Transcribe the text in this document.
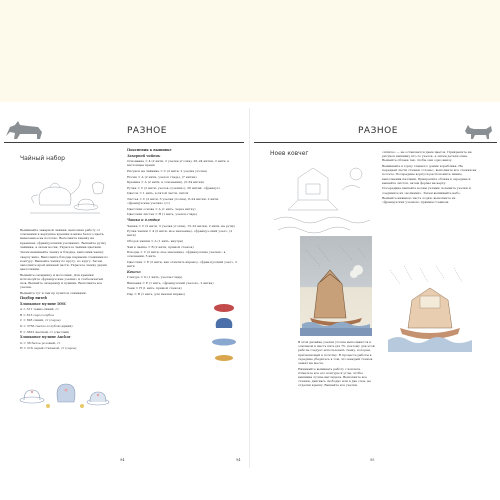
РАЗНОЕ	РАЗНОЕ
Чайный набор

Вышивайте заварной чайник, выполняя работу от основания к верхушке крышки и ниже белого цвета, нанесенное на полотно. Выполните каемку на краешках «французскими узелками». Вышейте ручку чайника, а затем носик. Украсьте чайник цветами.

Затем вышивайте чашку и блюдце, выполнив чашку сверху вниз. Выполните блюдце парными стежками по контуру. Вышейте чашку по кругу, по кругу. Затем заполните крой нижней части. Украсьте чашку двумя цветочками.

Вышейте сахарницу и молочник. Для крышки используйте «французские узелки» и стебельчатый шов. Вышейте сахарницу и кувшин. Выполните все узелки.

Вышейте тут и там пр пунктов спинками.

Подбор нитей

Хлопковое мулине DMC

A = 311 темно-синий, ст

B = 813 серо-голубое

C = 828 синий, ст (серое)

D = 3756 светло-голубой (яркий)

E = 3823 желтый, ст (светлый)

Хлопковое мулине Anchor

G = 36 белое розовый, ст

H = 216 серый стальной, ст (серое)

94

Пояснения к вышивке

Заварной чайник

Основание = 4 (2 нити, 2 узелка уголка), 26–24 нитки, 2 нити, в настоящее время

Рисунок на чайнике = С (2 нити, 2 узелка уголка)

Носик = А (2 нити, узелок гладь), (7 нитки)

Крышка = А (2 нити, в основании), (3–34 нитки)

Ручка = С (2 нити, узелок-«узелки»), 26 нитей; «француз»

Цветок = 1 нить, в пятой части, пятой

Листья = С (2 нити, 3 узелка уголка), 8–24 нитки, 2 нити, «французские узелки» (ст)

Цветочки основа = А (1 нить, через нитку)

Цветочки листья = Н (1 нить, узелок-гладь)

Чашка и блюдце

Чашка = С (2 нити, 3 узелка уголка), 15–22 нитки, 2 нити, на ручку

Ручка чашки = 4 (2 нити, мое значение), «француз-ский узел», (2 нити)

Ободок чашки = A (1 нить, внутри)

Чай в чашке = В (2 нити, прямой стежок)

Блюдце = С (2 нити, мое значение), «французские узелки», в основании, 5 нить

Цветочки = Е (2 нити, как отметить вправо), «фран-цузский узел», 2 нити

Кексы:

Глазурь = G (1 нить, узелок-гладь)

Вишенка = Е (1 нить, «французский узелок», 2 витка)

Тени = Н (1 нить, прямой стежок)

Пар = В (1 нить, для значки вправо)

94
Ноев ковчег

В этой дизайне узелки уголка выполняются в основном в шесть пять (из 75, поэтому для этой работы следует использовать схему, которая, прилагающей к полотну. В процессе работы в середине убедитесь в том, что каждый стежок лежит на месте.

Начинайте вышивать работу с ковчега. Отметьте все его контуры и углы, чтобы вышивка лучше выглядела. Выполните все стежки, двигаясь свободно или в два слоя, не отделяя крышу. Вышейте все узелки.

«штиль» — не оставляется днем цветок. Прикрепите на рисунок вышивку кто-то узелок, а затем детали окна. Вышейте облака так, чтобы они одно внизу.

Вышивайте в горку главного домик кораблика. На передней части стежки «слона», выполните все стежки на полосы. Посередине корпуса расположите линию выполнения пазлами. Прикрепите облака в середине и вышейте листок, затем формы на верху.

Посередине вышейте волны узлами; возьмите узелки и соедините их «волнами». Затем вышивайте небо.

Вышейте нижнюю часть лодки, выполните из «французских узелков» прямым стежком.

95
